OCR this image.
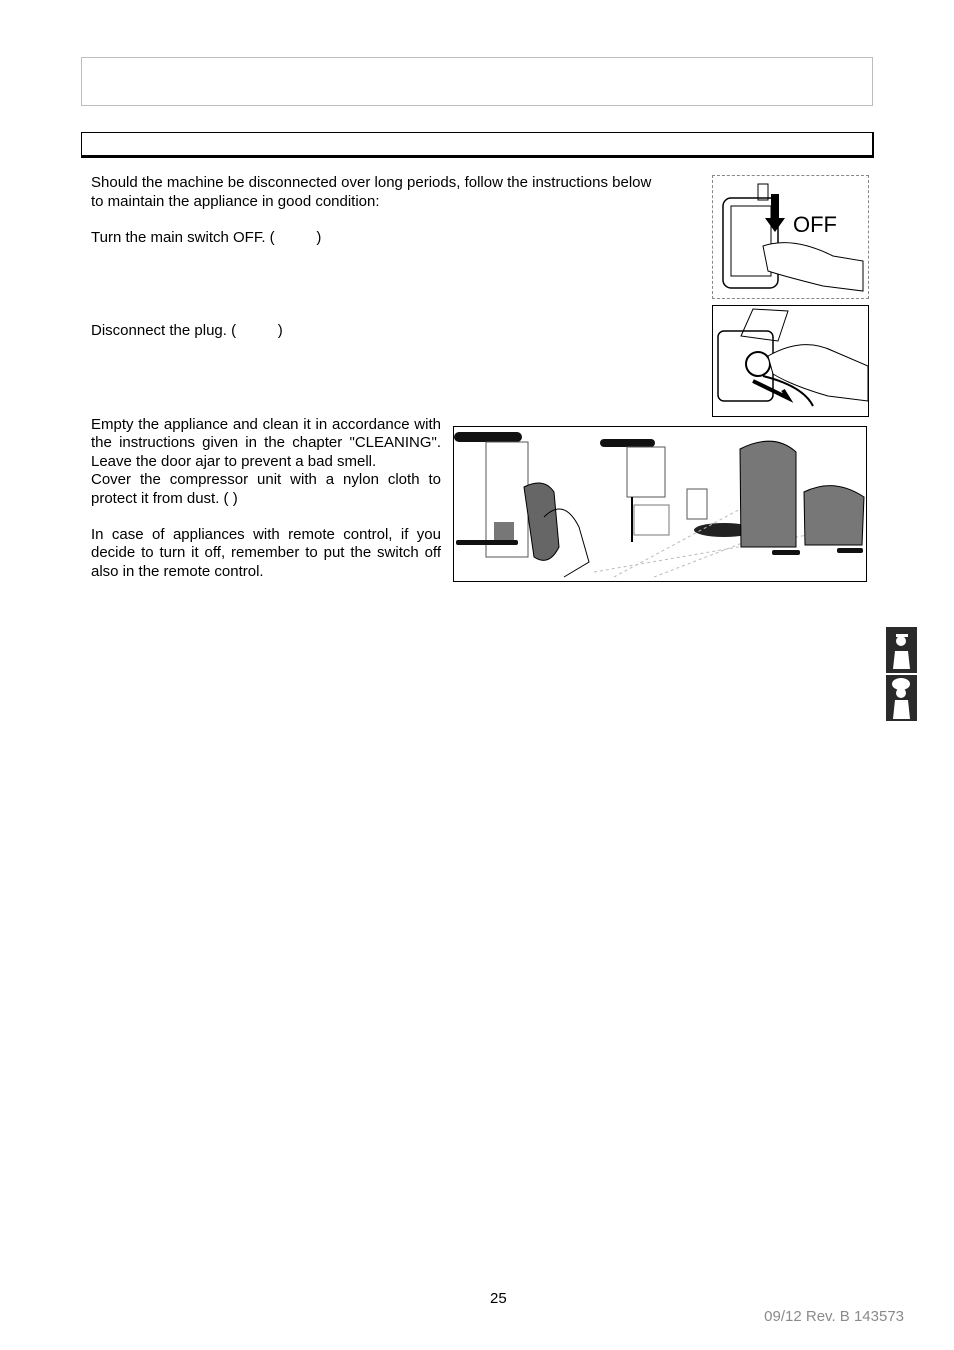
Should the machine be disconnected over long periods, follow the instructions below
to maintain the appliance in good condition:
Turn the main switch OFF. (          )
Disconnect the plug. (          )

Empty the appliance and clean it in accordance with the instructions given in the chapter "CLEANING". Leave the door ajar to prevent a bad smell.

Cover the compressor unit with a nylon cloth to protect it from dust. ( )

In case of appliances with remote control, if you decide to turn it off, remember to put the switch off also in the remote control.

OFF
25
09/12 Rev. B 143573
